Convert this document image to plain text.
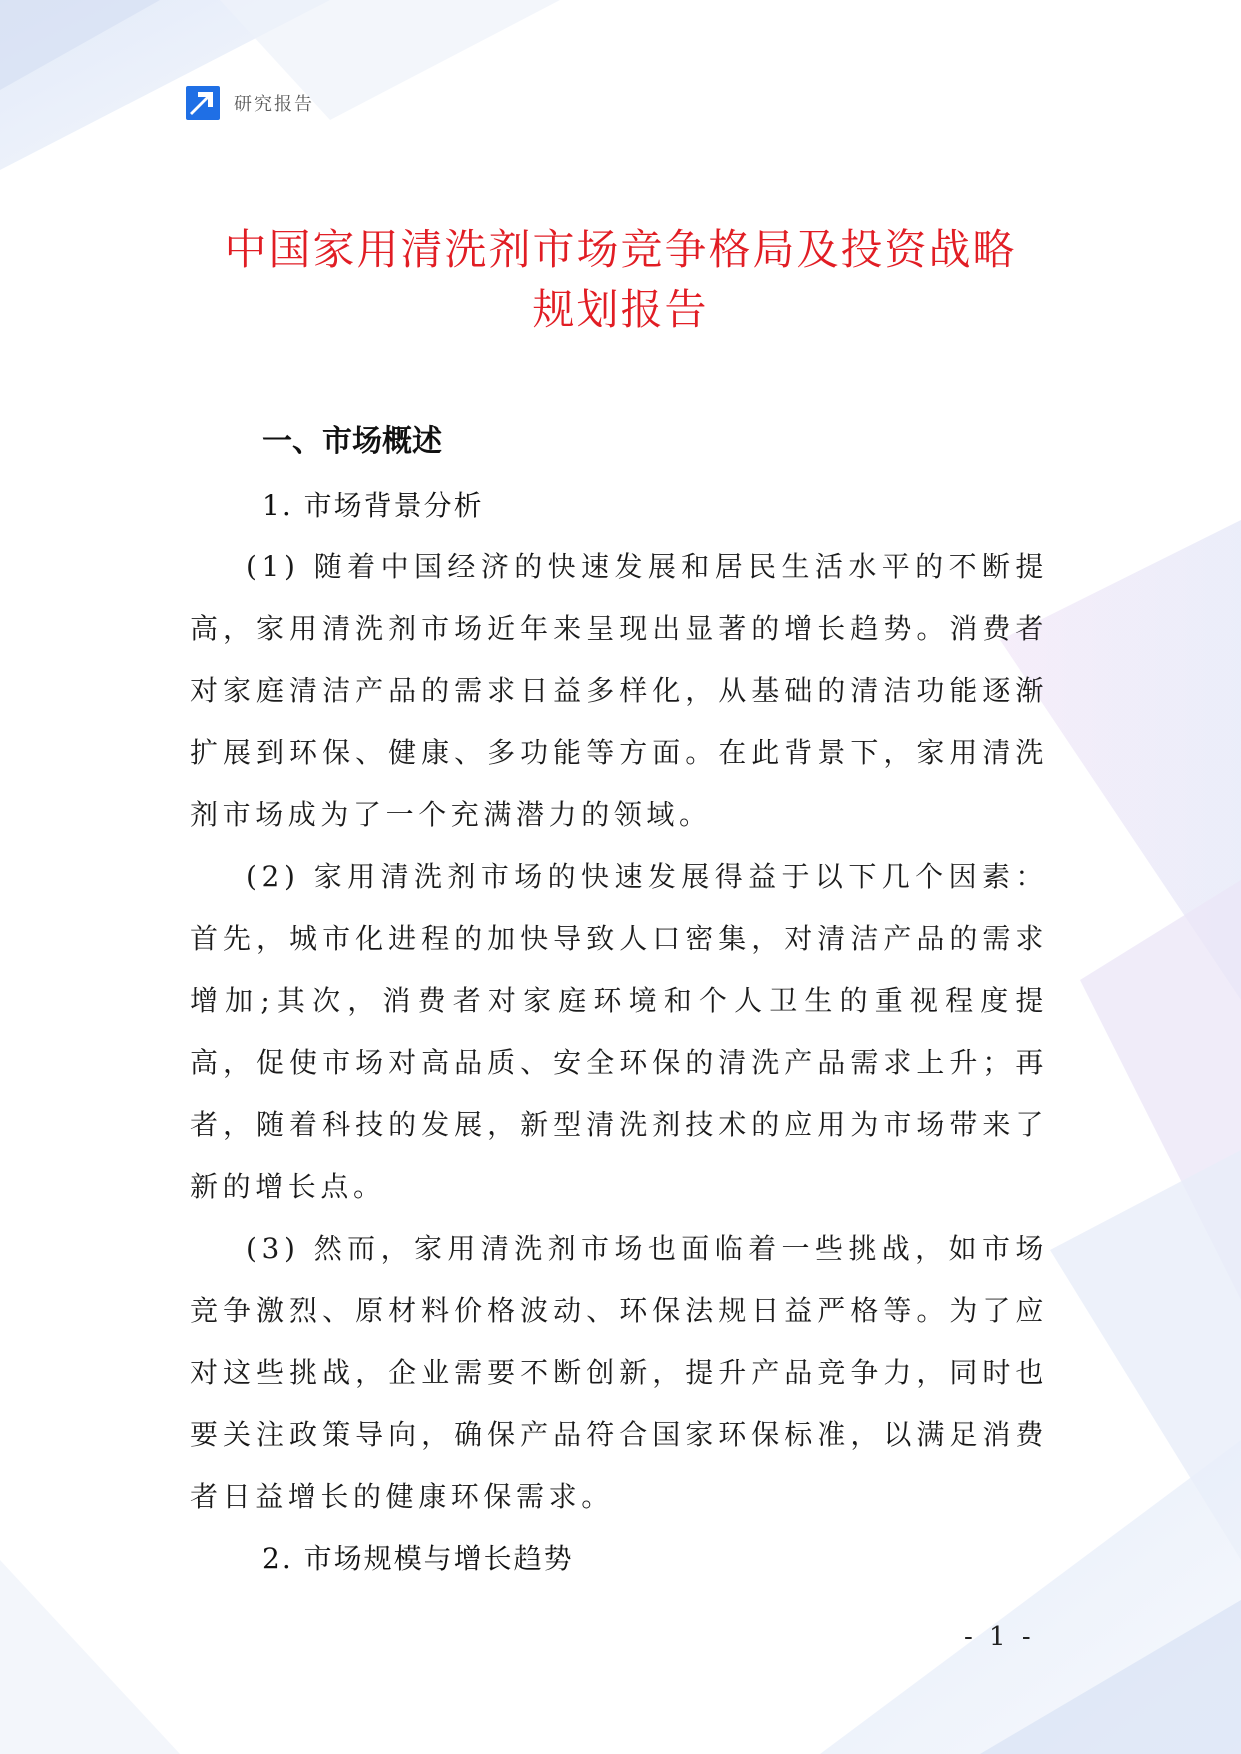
研究报告
中国家用清洗剂市场竞争格局及投资战略
规划报告
一、市场概述
1. 市场背景分析

(1) 随着中国经济的快速发展和居民生活水平的不断提高，家用清洗剂市场近年来呈现出显著的增长趋势。消费者对家庭清洁产品的需求日益多样化，从基础的清洁功能逐渐扩展到环保、健康、多功能等方面。在此背景下，家用清洗剂市场成为了一个充满潜力的领域。

(2) 家用清洗剂市场的快速发展得益于以下几个因素：首先，城市化进程的加快导致人口密集，对清洁产品的需求增加;其次，消费者对家庭环境和个人卫生的重视程度提高，促使市场对高品质、安全环保的清洗产品需求上升；再者，随着科技的发展，新型清洗剂技术的应用为市场带来了新的增长点。

(3) 然而，家用清洗剂市场也面临着一些挑战，如市场竞争激烈、原材料价格波动、环保法规日益严格等。为了应对这些挑战，企业需要不断创新，提升产品竞争力，同时也要关注政策导向，确保产品符合国家环保标准，以满足消费者日益增长的健康环保需求。

2. 市场规模与增长趋势
- 1 -
